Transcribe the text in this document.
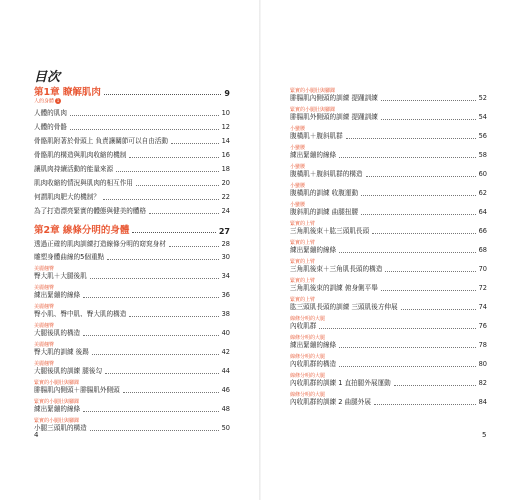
目次
第1章 瞭解肌肉	9
人的身體 1
人體的肌肉	10
人體的骨骼	12
骨骼肌附著於骨頭上 負責讓關節可以自由活動	14
骨骼肌的構造與肌肉收縮的機制	16
讓肌肉持續活動的能量來源	18
肌肉收縮的情況與肌肉的相互作用	20
何謂肌肉肥大的機制？	22
為了打造漂亮緊實的體態與健美的體格	24
第2章 線條分明的身體	27
透過正確的肌肉訓練打造線條分明的窈窕身材	28
雕塑身體曲線的5個重點	30
美麗翹臀
臀大肌＋大腿後肌	34
美麗翹臀
練出緊繃的線條	36
美麗翹臀
臀小肌、臀中肌、臀大肌的構造	38
美麗翹臀
大腿後肌的構造	40
美麗翹臀
臀大肌的訓練 後踢	42
美麗翹臀
大腿後肌的訓練 腿後勾	44
緊實的小腿肚與腳踝
腓腸肌內側頭＋腓腸肌外側頭	46
緊實的小腿肚與腳踝
練出緊繃的線條	48
緊實的小腿肚與腳踝
小腿三頭肌的構造	50
緊實的小腿肚與腳踝
腓腸肌內側頭的訓練 提踵訓練	52
緊實的小腿肚與腳踝
腓腸肌外側頭的訓練 提踵訓練	54
小蠻腰
腹橫肌＋腹斜肌群	56
小蠻腰
練出緊繃的線條	58
小蠻腰
腹橫肌＋腹斜肌群的構造	60
小蠻腰
腹橫肌的訓練 收腹運動	62
小蠻腰
腹斜肌的訓練 曲腿扭腰	64
緊實的上臂
三角肌後束＋肱三頭肌長頭	66
緊實的上臂
練出緊繃的線條	68
緊實的上臂
三角肌後束＋三角肌長頭的構造	70
緊實的上臂
三角肌後束的訓練 俯身側平舉	72
緊實的上臂
肱三頭肌長頭的訓練 三頭肌後方伸展	74
線條分明的大腿
內收肌群	76
線條分明的大腿
練出緊繃的線條	78
線條分明的大腿
內收肌群的構造	80
線條分明的大腿
內收肌群的訓練 1 直拍腿外展運動	82
線條分明的大腿
內收肌群的訓練 2 曲腿外展	84
4	5
